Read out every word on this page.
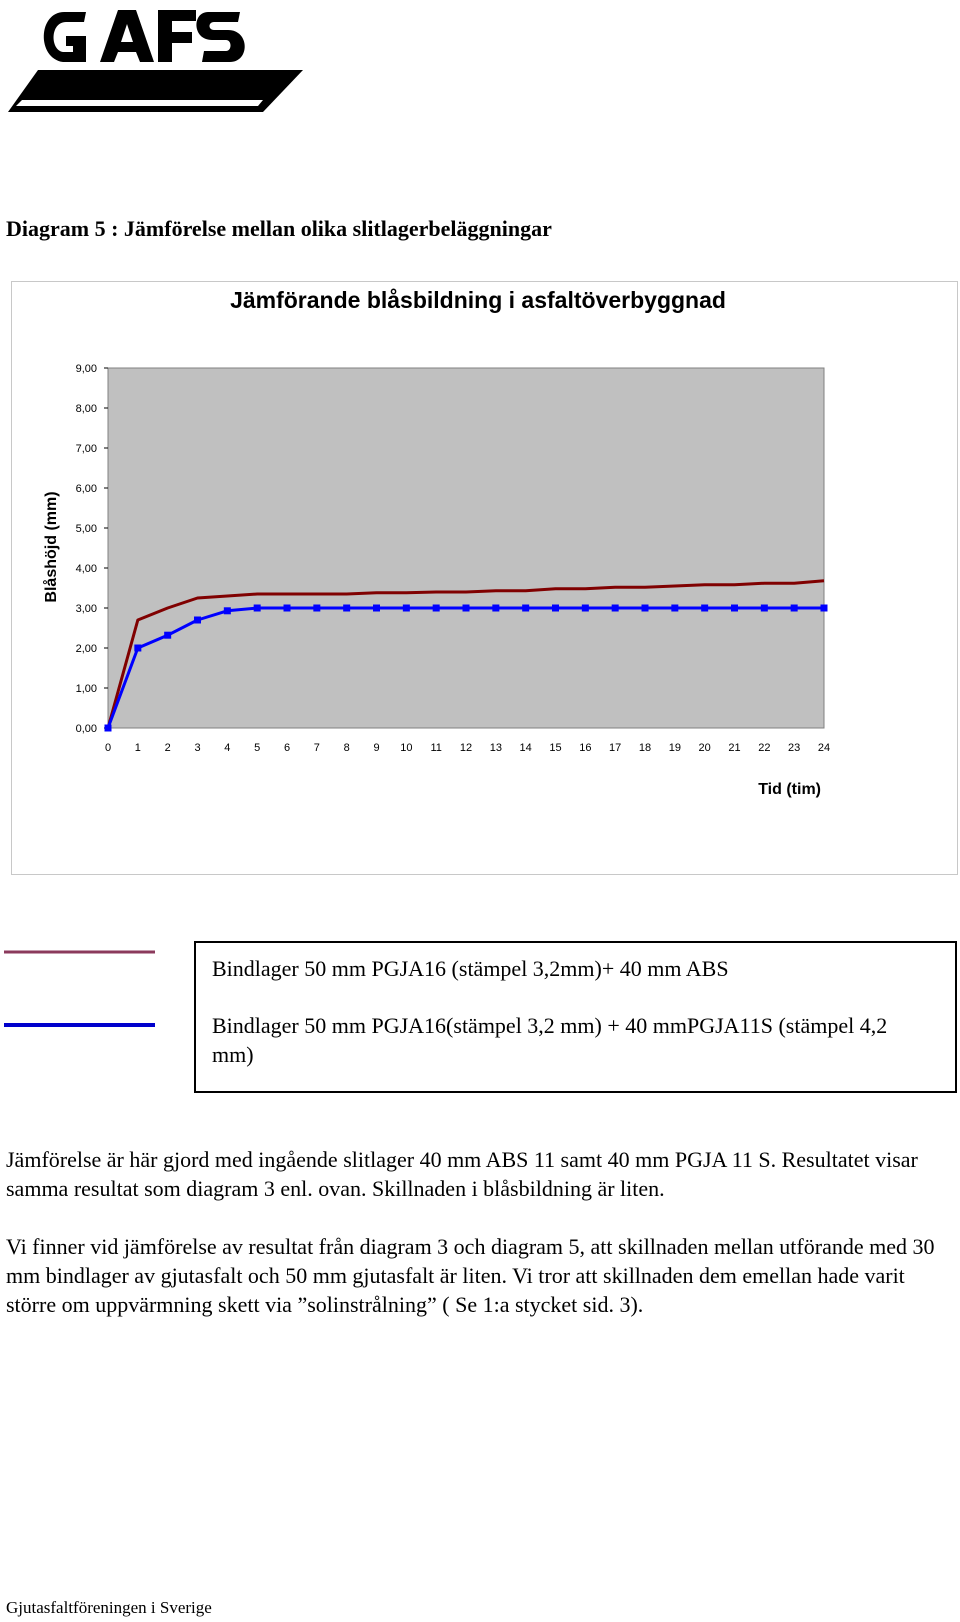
Diagram 5 : Jämförelse mellan olika slitlagerbeläggningar
Jämförande blåsbildning i asfaltöverbyggnad
0,00
1,00
2,00
3,00
4,00
5,00
6,00
7,00
8,00
9,00
0 1 2 3 4 5 6 7 8 9 10 11 12 13 14 15 16 17 18 19 20 21 22 23 24
Blåshöjd (mm)
Tid (tim)
Bindlager 50 mm PGJA16 (stämpel 3,2mm)+ 40 mm ABS
Bindlager 50 mm PGJA16(stämpel 3,2 mm) + 40 mmPGJA11S (stämpel 4,2 mm)

Jämförelse är här gjord med ingående slitlager 40 mm ABS 11 samt 40 mm PGJA 11 S. Resultatet visar samma resultat som diagram 3 enl. ovan. Skillnaden i blåsbildning är liten.

Vi finner vid jämförelse av resultat från diagram 3 och diagram 5, att skillnaden mellan utförande med 30 mm bindlager av gjutasfalt och 50 mm gjutasfalt är liten. Vi tror att skillnaden dem emellan hade varit större om uppvärmning skett via ”solinstrålning” ( Se 1:a stycket sid. 3).

Gjutasfaltföreningen i Sverige
